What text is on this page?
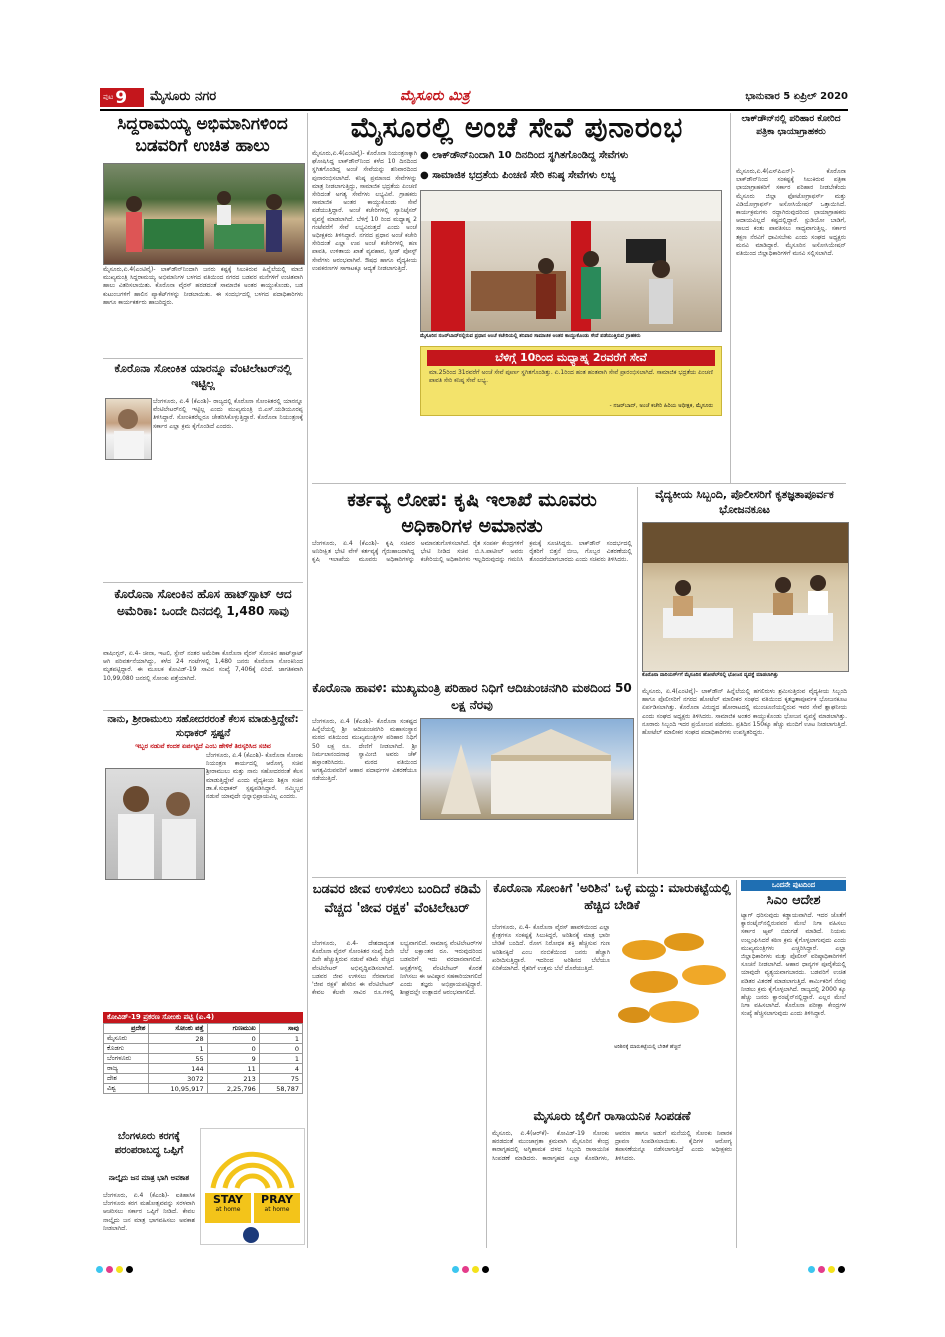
ಪುಟ 9 ಮೈಸೂರು ನಗರ	ಮೈಸೂರು ಮಿತ್ರ	ಭಾನುವಾರ 5 ಏಪ್ರಿಲ್ 2020
ಸಿದ್ದರಾಮಯ್ಯ ಅಭಿಮಾನಿಗಳಿಂದ ಬಡವರಿಗೆ ಉಚಿತ ಹಾಲು
ಮೈಸೂರು,ಏ.4(ಎಂಟಿವೈ)- ಲಾಕ್‌ಡೌನ್‌ನಿಂದಾಗಿ ಜನರು ಕಷ್ಟಕ್ಕೆ ಸಿಲುಕಿರುವ ಹಿನ್ನೆಲೆಯಲ್ಲಿ ಮಾಜಿ ಮುಖ್ಯಮಂತ್ರಿ ಸಿದ್ದರಾಮಯ್ಯ ಅಭಿಮಾನಿಗಳ ಬಳಗದ ವತಿಯಿಂದ ನಗರದ ಬಡವರ ಮನೆಗಳಿಗೆ ಉಚಿತವಾಗಿ ಹಾಲು ವಿತರಿಸಲಾಯಿತು. ಕೊರೊನಾ ವೈರಸ್ ಹರಡದಂತೆ ಸಾಮಾಜಿಕ ಅಂತರ ಕಾಯ್ದುಕೊಂಡು, ಬಡ ಕುಟುಂಬಗಳಿಗೆ ಹಾಲಿನ ಪ್ಯಾಕೆಟ್‌ಗಳನ್ನು ನೀಡಲಾಯಿತು. ಈ ಸಂದರ್ಭದಲ್ಲಿ ಬಳಗದ ಪದಾಧಿಕಾರಿಗಳು ಹಾಗೂ ಕಾರ್ಯಕರ್ತರು ಹಾಜರಿದ್ದರು.
ಕೊರೊನಾ ಸೋಂಕಿತ ಯಾರನ್ನೂ ವೆಂಟಿಲೇಟರ್‌ನಲ್ಲಿ ಇಟ್ಟಿಲ್ಲ
ಬೆಂಗಳೂರು, ಏ.4 (ಕೆಎಂಶಿ)- ರಾಜ್ಯದಲ್ಲಿ ಕೊರೊನಾ ಸೋಂಕಿತರಲ್ಲಿ ಯಾರನ್ನೂ ವೆಂಟಿಲೇಟರ್‌ನಲ್ಲಿ ಇಟ್ಟಿಲ್ಲ ಎಂದು ಮುಖ್ಯಮಂತ್ರಿ ಬಿ.ಎಸ್.ಯಡಿಯೂರಪ್ಪ ತಿಳಿಸಿದ್ದಾರೆ. ಸೋಂಕಿತರೆಲ್ಲರೂ ಚೇತರಿಸಿಕೊಳ್ಳುತ್ತಿದ್ದಾರೆ. ಕೊರೊನಾ ನಿಯಂತ್ರಣಕ್ಕೆ ಸರ್ಕಾರ ಎಲ್ಲಾ ಕ್ರಮ ಕೈಗೊಂಡಿದೆ ಎಂದರು.
ಕೊರೊನಾ ಸೋಂಕಿನ ಹೊಸ ಹಾಟ್‌ಸ್ಪಾಟ್ ಆದ ಅಮೆರಿಕಾ: ಒಂದೇ ದಿನದಲ್ಲಿ 1,480 ಸಾವು
ವಾಷಿಂಗ್ಟನ್, ಏ.4- ಚೀನಾ, ಇಟಲಿ, ಸ್ಪೇನ್ ನಂತರ ಅಮೆರಿಕಾ ಕೊರೊನಾ ವೈರಸ್ ಸೋಂಕಿನ ಹಾಟ್‌ಸ್ಪಾಟ್ ಆಗಿ ಪರಿವರ್ತನೆಯಾಗಿದ್ದು, ಕಳೆದ 24 ಗಂಟೆಗಳಲ್ಲಿ 1,480 ಜನರು ಕೊರೊನಾ ಸೋಂಕಿನಿಂದ ಮೃತಪಟ್ಟಿದ್ದಾರೆ. ಈ ಮೂಲಕ ಕೋವಿಡ್-19 ಸಾವಿನ ಸಂಖ್ಯೆ 7,406ಕ್ಕೆ ಏರಿದೆ. ಜಾಗತಿಕವಾಗಿ 10,99,080 ಜನರಲ್ಲಿ ಸೋಂಕು ಪತ್ತೆಯಾಗಿದೆ.
ನಾನು, ಶ್ರೀರಾಮುಲು ಸಹೋದರರಂತೆ ಕೆಲಸ ಮಾಡುತ್ತಿದ್ದೇವೆ: ಸುಧಾಕರ್ ಸ್ಪಷ್ಟನೆ
ಇಬ್ಬರ ನಡುವೆ ಕಂದಕ ಏರ್ಪಟ್ಟಿದೆ ಎಂಬ ಹೇಳಿಕೆ ತಿರಸ್ಕರಿಸಿದ ಸಚಿವ
ಬೆಂಗಳೂರು, ಏ.4 (ಕೆಎಂಶಿ)- ಕೊರೊನಾ ಸೋಂಕು ನಿಯಂತ್ರಣ ಕಾರ್ಯದಲ್ಲಿ ಆರೋಗ್ಯ ಸಚಿವ ಶ್ರೀರಾಮುಲು ಮತ್ತು ನಾನು ಸಹೋದರರಂತೆ ಕೆಲಸ ಮಾಡುತ್ತಿದ್ದೇವೆ ಎಂದು ವೈದ್ಯಕೀಯ ಶಿಕ್ಷಣ ಸಚಿವ ಡಾ.ಕೆ.ಸುಧಾಕರ್ ಸ್ಪಷ್ಟಪಡಿಸಿದ್ದಾರೆ. ನಮ್ಮಿಬ್ಬರ ನಡುವೆ ಯಾವುದೇ ಭಿನ್ನಾಭಿಪ್ರಾಯವಿಲ್ಲ ಎಂದರು.
ಕೋವಿಡ್-19 ಪ್ರಕರಣ ಸೋಂಕು ಪಟ್ಟಿ (ಏ.4)
ಪ್ರದೇಶ	ಸೋಂಕು ಪತ್ತೆ	ಗುಣಮುಖ	ಸಾವು
ಮೈಸೂರು	28	0	1
ಕೊಡಗು	1	0	0
ಬೆಂಗಳೂರು	55	9	1
ರಾಜ್ಯ	144	11	4
ದೇಶ	3072	213	75
ವಿಶ್ವ	10,95,917	2,25,796	58,787
ಬೆಂಗಳೂರು ಕರಗಕ್ಕೆ ಪರಂಪರಾಬದ್ಧ ಒಪ್ಪಿಗೆ
ನಾಲ್ಕೈದು ಜನ ಮಾತ್ರ ಭಾಗಿ ಅವಕಾಶ
ಬೆಂಗಳೂರು, ಏ.4 (ಕೆಎಂಶಿ)- ಐತಿಹಾಸಿಕ ಬೆಂಗಳೂರು ಕರಗ ಮಹೋತ್ಸವವನ್ನು ಸರಳವಾಗಿ ಆಚರಿಸಲು ಸರ್ಕಾರ ಒಪ್ಪಿಗೆ ನೀಡಿದೆ. ಕೇವಲ ನಾಲ್ಕೈದು ಜನ ಮಾತ್ರ ಭಾಗವಹಿಸಲು ಅವಕಾಶ ನೀಡಲಾಗಿದೆ.
STAY
at home
PRAY
at home
ಮೈಸೂರಲ್ಲಿ ಅಂಚೆ ಸೇವೆ ಪುನಾರಂಭ
ಮೈಸೂರು,ಏ.4(ಎಂಟಿವೈ)- ಕೊರೊನಾ ನಿಯಂತ್ರಣಕ್ಕಾಗಿ ಘೋಷಿಸಿದ್ದ ಲಾಕ್‌ಡೌನ್‌ನಿಂದ ಕಳೆದ 10 ದಿನದಿಂದ ಸ್ಥಗಿತಗೊಂಡಿದ್ದ ಅಂಚೆ ಸೇವೆಯನ್ನು ಶನಿವಾರದಿಂದ ಪುನಾರಂಭಿಸಲಾಗಿದೆ. ಕನಿಷ್ಠ ಪ್ರಮಾಣದ ಸೇವೆಗಳನ್ನು ಮಾತ್ರ ನೀಡಲಾಗುತ್ತಿದ್ದು, ಸಾಮಾಜಿಕ ಭದ್ರತೆಯ ಪಿಂಚಣಿ ಸೇರಿದಂತೆ ಅಗತ್ಯ ಸೇವೆಗಳು ಲಭ್ಯವಿವೆ. ಗ್ರಾಹಕರು ಸಾಮಾಜಿಕ ಅಂತರ ಕಾಯ್ದುಕೊಂಡು ಸೇವೆ ಪಡೆಯುತ್ತಿದ್ದಾರೆ. ಅಂಚೆ ಕಚೇರಿಗಳಲ್ಲಿ ಸ್ಯಾನಿಟೈಸರ್ ವ್ಯವಸ್ಥೆ ಮಾಡಲಾಗಿದೆ. ಬೆಳಿಗ್ಗೆ 10 ರಿಂದ ಮಧ್ಯಾಹ್ನ 2 ಗಂಟೆವರೆಗೆ ಸೇವೆ ಲಭ್ಯವಿರುತ್ತದೆ ಎಂದು ಅಂಚೆ ಅಧೀಕ್ಷಕರು ತಿಳಿಸಿದ್ದಾರೆ. ನಗರದ ಪ್ರಧಾನ ಅಂಚೆ ಕಚೇರಿ ಸೇರಿದಂತೆ ಎಲ್ಲಾ ಉಪ ಅಂಚೆ ಕಚೇರಿಗಳಲ್ಲಿ ಹಣ ಪಾವತಿ, ಉಳಿತಾಯ ಖಾತೆ ವ್ಯವಹಾರ, ಸ್ಪೀಡ್ ಪೋಸ್ಟ್ ಸೇವೆಗಳು ಆರಂಭವಾಗಿವೆ. ಔಷಧ ಹಾಗೂ ವೈದ್ಯಕೀಯ ಉಪಕರಣಗಳ ಸಾಗಾಟಕ್ಕೂ ಆದ್ಯತೆ ನೀಡಲಾಗುತ್ತಿದೆ.
● ಲಾಕ್‌ಡೌನ್‌ನಿಂದಾಗಿ 10 ದಿನದಿಂದ ಸ್ಥಗಿತಗೊಂಡಿದ್ದ ಸೇವೆಗಳು
● ಸಾಮಾಜಿಕ ಭದ್ರತೆಯ ಪಿಂಚಣಿ ಸೇರಿ ಕನಿಷ್ಠ ಸೇವೆಗಳು ಲಭ್ಯ
ಮೈಸೂರಿನ ನಜರ್‌ಬಾದ್‌ನಲ್ಲಿರುವ ಪ್ರಧಾನ ಅಂಚೆ ಕಚೇರಿಯಲ್ಲಿ ಶನಿವಾರ ಸಾಮಾಜಿಕ ಅಂತರ ಕಾಯ್ದುಕೊಂಡು ಸೇವೆ ಪಡೆಯುತ್ತಿರುವ ಗ್ರಾಹಕರು
ಬೆಳಿಗ್ಗೆ 10ರಿಂದ ಮಧ್ಯಾಹ್ನ 2ರವರೆಗೆ ಸೇವೆ
ಮಾ.25ರಿಂದ 31ರವರೆಗೆ ಅಂಚೆ ಸೇವೆ ಪೂರ್ಣ ಸ್ಥಗಿತಗೊಂಡಿತ್ತು. ಏ.1ರಿಂದ ಹಂತ ಹಂತವಾಗಿ ಸೇವೆ ಪ್ರಾರಂಭಿಸಲಾಗಿದೆ. ಸಾಮಾಜಿಕ ಭದ್ರತೆಯ ಪಿಂಚಣಿ ಪಾವತಿ ಸೇರಿ ಕನಿಷ್ಠ ಸೇವೆ ಲಭ್ಯ.
- ನಜರ್‌ಬಾದ್, ಅಂಚೆ ಕಚೇರಿ ಹಿರಿಯ ಅಧೀಕ್ಷಕ, ಮೈಸೂರು
ಲಾಕ್‌ಡೌನ್‌ನಲ್ಲಿ ಪರಿಹಾರ ಕೋರಿದ ಪತ್ರಿಕಾ ಛಾಯಾಗ್ರಾಹಕರು
ಮೈಸೂರು,ಏ.4(ಎಸ್‌ಪಿಎನ್)- ಕೊರೊನಾ ಲಾಕ್‌ಡೌನ್‌ನಿಂದ ಸಂಕಷ್ಟಕ್ಕೆ ಸಿಲುಕಿರುವ ಪತ್ರಿಕಾ ಛಾಯಾಗ್ರಾಹಕರಿಗೆ ಸರ್ಕಾರ ಪರಿಹಾರ ನೀಡಬೇಕೆಂದು ಮೈಸೂರು ಜಿಲ್ಲಾ ಫೋಟೋಗ್ರಾಫರ್ಸ್ ಮತ್ತು ವಿಡಿಯೋಗ್ರಾಫರ್ಸ್ ಅಸೋಸಿಯೇಷನ್ ಒತ್ತಾಯಿಸಿದೆ. ಕಾರ್ಯಕ್ರಮಗಳು ರದ್ದಾಗಿರುವುದರಿಂದ ಛಾಯಾಗ್ರಾಹಕರು ಆದಾಯವಿಲ್ಲದೆ ಕಷ್ಟದಲ್ಲಿದ್ದಾರೆ. ಸ್ಟುಡಿಯೋ ಬಾಡಿಗೆ, ಸಾಲದ ಕಂತು ಪಾವತಿಸಲು ಸಾಧ್ಯವಾಗುತ್ತಿಲ್ಲ. ಸರ್ಕಾರ ತಕ್ಷಣ ನೆರವಿಗೆ ಧಾವಿಸಬೇಕು ಎಂದು ಸಂಘದ ಅಧ್ಯಕ್ಷರು ಮನವಿ ಮಾಡಿದ್ದಾರೆ. ಮೈಸೂರಿನ ಅಸೋಸಿಯೇಷನ್ ವತಿಯಿಂದ ಜಿಲ್ಲಾಧಿಕಾರಿಗಳಿಗೆ ಮನವಿ ಸಲ್ಲಿಸಲಾಗಿದೆ.
ಕರ್ತವ್ಯ ಲೋಪ: ಕೃಷಿ ಇಲಾಖೆ ಮೂವರು ಅಧಿಕಾರಿಗಳ ಅಮಾನತು
ಬೆಂಗಳೂರು, ಏ.4 (ಕೆಎಂಶಿ)- ಕೃಷಿ ಸಚಿವರ ಅನಿರೀಕ್ಷಿತ ಭೇಟಿ ವೇಳೆ ಕರ್ತವ್ಯಕ್ಕೆ ಗೈರುಹಾಜರಾಗಿದ್ದ ಕೃಷಿ ಇಲಾಖೆಯ ಮೂವರು ಅಧಿಕಾರಿಗಳನ್ನು ಅಮಾನತುಗೊಳಿಸಲಾಗಿದೆ. ರೈತ ಸಂಪರ್ಕ ಕೇಂದ್ರಗಳಿಗೆ ಭೇಟಿ ನೀಡಿದ ಸಚಿವ ಬಿ.ಸಿ.ಪಾಟೀಲ್ ಅವರು ಕಚೇರಿಯಲ್ಲಿ ಅಧಿಕಾರಿಗಳು ಇಲ್ಲದಿರುವುದನ್ನು ಗಮನಿಸಿ ಕ್ರಮಕ್ಕೆ ಸೂಚಿಸಿದ್ದರು. ಲಾಕ್‌ಡೌನ್ ಸಂದರ್ಭದಲ್ಲಿ ರೈತರಿಗೆ ಬಿತ್ತನೆ ಬೀಜ, ಗೊಬ್ಬರ ವಿತರಣೆಯಲ್ಲಿ ತೊಂದರೆಯಾಗಬಾರದು ಎಂದು ಸಚಿವರು ತಿಳಿಸಿದರು.
ಕೊರೊನಾ ಹಾವಳಿ: ಮುಖ್ಯಮಂತ್ರಿ ಪರಿಹಾರ ನಿಧಿಗೆ ಆದಿಚುಂಚನಗಿರಿ ಮಠದಿಂದ 50 ಲಕ್ಷ ನೆರವು
ಬೆಂಗಳೂರು, ಏ.4 (ಕೆಎಂಶಿ)- ಕೊರೊನಾ ಸಂಕಷ್ಟದ ಹಿನ್ನೆಲೆಯಲ್ಲಿ ಶ್ರೀ ಆದಿಚುಂಚನಗಿರಿ ಮಹಾಸಂಸ್ಥಾನ ಮಠದ ವತಿಯಿಂದ ಮುಖ್ಯಮಂತ್ರಿಗಳ ಪರಿಹಾರ ನಿಧಿಗೆ 50 ಲಕ್ಷ ರೂ. ದೇಣಿಗೆ ನೀಡಲಾಗಿದೆ. ಶ್ರೀ ನಿರ್ಮಲಾನಂದನಾಥ ಸ್ವಾಮೀಜಿ ಅವರು ಚೆಕ್ ಹಸ್ತಾಂತರಿಸಿದರು. ಮಠದ ವತಿಯಿಂದ ಅಗತ್ಯವಿರುವವರಿಗೆ ಆಹಾರ ಪದಾರ್ಥಗಳ ವಿತರಣೆಯೂ ನಡೆಯುತ್ತಿದೆ.
ವೈದ್ಯಕೀಯ ಸಿಬ್ಬಂದಿ, ಪೊಲೀಸರಿಗೆ ಕೃತಜ್ಞತಾಪೂರ್ವಕ ಭೋಜನಕೂಟ
ಕೊರೊನಾ ವಾರಿಯರ್ಸ್‌ಗೆ ಮೈಸೂರಿನ ಹೋಟೆಲ್‌ನಲ್ಲಿ ಭೋಜನ ವ್ಯವಸ್ಥೆ ಮಾಡಲಾಗಿತ್ತು
ಮೈಸೂರು, ಏ.4(ಎಂಟಿವೈ)- ಲಾಕ್‌ಡೌನ್ ಹಿನ್ನೆಲೆಯಲ್ಲಿ ಹಗಲಿರುಳು ಶ್ರಮಿಸುತ್ತಿರುವ ವೈದ್ಯಕೀಯ ಸಿಬ್ಬಂದಿ ಹಾಗೂ ಪೊಲೀಸರಿಗೆ ನಗರದ ಹೋಟೆಲ್ ಮಾಲೀಕರ ಸಂಘದ ವತಿಯಿಂದ ಕೃತಜ್ಞತಾಪೂರ್ವಕ ಭೋಜನಕೂಟ ಏರ್ಪಡಿಸಲಾಗಿತ್ತು. ಕೊರೊನಾ ವಿರುದ್ಧದ ಹೋರಾಟದಲ್ಲಿ ಮುಂಚೂಣಿಯಲ್ಲಿರುವ ಇವರ ಸೇವೆ ಶ್ಲಾಘನೀಯ ಎಂದು ಸಂಘದ ಅಧ್ಯಕ್ಷರು ತಿಳಿಸಿದರು. ಸಾಮಾಜಿಕ ಅಂತರ ಕಾಯ್ದುಕೊಂಡು ಭೋಜನ ವ್ಯವಸ್ಥೆ ಮಾಡಲಾಗಿತ್ತು. ನೂರಾರು ಸಿಬ್ಬಂದಿ ಇದರ ಪ್ರಯೋಜನ ಪಡೆದರು. ಪ್ರತಿದಿನ 150ಕ್ಕೂ ಹೆಚ್ಚು ಮಂದಿಗೆ ಊಟ ನೀಡಲಾಗುತ್ತಿದೆ. ಹೋಟೆಲ್ ಮಾಲೀಕರ ಸಂಘದ ಪದಾಧಿಕಾರಿಗಳು ಉಪಸ್ಥಿತರಿದ್ದರು.
ಬಡವರ ಜೀವ ಉಳಿಸಲು ಬಂದಿದೆ ಕಡಿಮೆ ವೆಚ್ಚದ 'ಜೀವ ರಕ್ಷಕ' ವೆಂಟಿಲೇಟರ್
ಬೆಂಗಳೂರು, ಏ.4- ದೇಶದಾದ್ಯಂತ ಕೊರೊನಾ ವೈರಸ್ ಸೋಂಕಿತರ ಸಂಖ್ಯೆ ದಿನೇ ದಿನೇ ಹೆಚ್ಚುತ್ತಿರುವ ನಡುವೆ ಕಡಿಮೆ ವೆಚ್ಚದ ವೆಂಟಿಲೇಟರ್ ಅಭಿವೃದ್ಧಿಪಡಿಸಲಾಗಿದೆ. ಬಡವರ ಜೀವ ಉಳಿಸಲು ನೆರವಾಗುವ 'ಜೀವ ರಕ್ಷಕ' ಹೆಸರಿನ ಈ ವೆಂಟಿಲೇಟರ್ ಕೇವಲ ಕೆಲವೇ ಸಾವಿರ ರೂ.ಗಳಲ್ಲಿ ಲಭ್ಯವಾಗಲಿದೆ. ಸಾಮಾನ್ಯ ವೆಂಟಿಲೇಟರ್‌ಗಳ ಬೆಲೆ ಲಕ್ಷಾಂತರ ರೂ. ಇರುವುದರಿಂದ ಬಡವರಿಗೆ ಇದು ವರದಾನವಾಗಲಿದೆ. ಆಸ್ಪತ್ರೆಗಳಲ್ಲಿ ವೆಂಟಿಲೇಟರ್ ಕೊರತೆ ನೀಗಿಸಲು ಈ ಆವಿಷ್ಕಾರ ಸಹಕಾರಿಯಾಗಲಿದೆ ಎಂದು ತಜ್ಞರು ಅಭಿಪ್ರಾಯಪಟ್ಟಿದ್ದಾರೆ. ಶೀಘ್ರದಲ್ಲೇ ಉತ್ಪಾದನೆ ಆರಂಭವಾಗಲಿದೆ.
ಕೊರೊನಾ ಸೋಂಕಿಗೆ 'ಅರಿಶಿನ' ಒಳ್ಳೆ ಮದ್ದು: ಮಾರುಕಟ್ಟೆಯಲ್ಲಿ ಹೆಚ್ಚಿದ ಬೇಡಿಕೆ
ಬೆಂಗಳೂರು, ಏ.4- ಕೊರೊನಾ ವೈರಸ್ ಹಾವಳಿಯಿಂದ ಎಲ್ಲಾ ಕ್ಷೇತ್ರಗಳೂ ಸಂಕಷ್ಟಕ್ಕೆ ಸಿಲುಕಿದ್ದರೆ, ಅರಿಶಿನಕ್ಕೆ ಮಾತ್ರ ಭಾರೀ ಬೇಡಿಕೆ ಬಂದಿದೆ. ರೋಗ ನಿರೋಧಕ ಶಕ್ತಿ ಹೆಚ್ಚಿಸುವ ಗುಣ ಅರಿಶಿನಕ್ಕಿದೆ ಎಂಬ ನಂಬಿಕೆಯಿಂದ ಜನರು ಹೆಚ್ಚಾಗಿ ಖರೀದಿಸುತ್ತಿದ್ದಾರೆ. ಇದರಿಂದ ಅರಿಶಿನದ ಬೆಲೆಯೂ ಏರಿಕೆಯಾಗಿದೆ. ರೈತರಿಗೆ ಉತ್ತಮ ಬೆಲೆ ದೊರೆಯುತ್ತಿದೆ.
ಅರಿಶಿನಕ್ಕೆ ಮಾರುಕಟ್ಟೆಯಲ್ಲಿ ಬೇಡಿಕೆ ಹೆಚ್ಚಿದೆ
ಮೈಸೂರು ಜೈಲಿಗೆ ರಾಸಾಯನಿಕ ಸಿಂಪಡಣೆ
ಮೈಸೂರು, ಏ.4(ಆರ್‌ಕೆ)- ಕೋವಿಡ್-19 ಸೋಂಕು ಹರಡದಂತೆ ಮುಂಜಾಗ್ರತಾ ಕ್ರಮವಾಗಿ ಮೈಸೂರಿನ ಕೇಂದ್ರ ಕಾರಾಗೃಹದಲ್ಲಿ ಅಗ್ನಿಶಾಮಕ ದಳದ ಸಿಬ್ಬಂದಿ ರಾಸಾಯನಿಕ ಸಿಂಪಡಣೆ ಮಾಡಿದರು. ಕಾರಾಗೃಹದ ಎಲ್ಲಾ ಕೊಠಡಿಗಳು, ಆವರಣ ಹಾಗೂ ಅಡುಗೆ ಮನೆಯಲ್ಲಿ ಸೋಂಕು ನಿವಾರಕ ದ್ರಾವಣ ಸಿಂಪಡಿಸಲಾಯಿತು. ಕೈದಿಗಳ ಆರೋಗ್ಯ ತಪಾಸಣೆಯನ್ನೂ ನಡೆಸಲಾಗುತ್ತಿದೆ ಎಂದು ಅಧೀಕ್ಷಕರು ತಿಳಿಸಿದರು.
ಒಂದನೇ ಪುಟದಿಂದ
ಸಿಎಂ ಆದೇಶ
ಟ್ಯಾಗ್ ಧರಿಸುವುದು ಕಡ್ಡಾಯವಾಗಿದೆ. ಇದರ ಜೊತೆಗೆ ಕ್ವಾರಂಟೈನ್‌ನಲ್ಲಿರುವವರ ಮೇಲೆ ನಿಗಾ ವಹಿಸಲು ಸರ್ಕಾರ ಆ್ಯಪ್ ಬಿಡುಗಡೆ ಮಾಡಿದೆ. ನಿಯಮ ಉಲ್ಲಂಘಿಸಿದರೆ ಕಠಿಣ ಕ್ರಮ ಕೈಗೊಳ್ಳಲಾಗುವುದು ಎಂದು ಮುಖ್ಯಮಂತ್ರಿಗಳು ಎಚ್ಚರಿಸಿದ್ದಾರೆ. ಎಲ್ಲಾ ಜಿಲ್ಲಾಧಿಕಾರಿಗಳು ಮತ್ತು ಪೊಲೀಸ್ ವರಿಷ್ಠಾಧಿಕಾರಿಗಳಿಗೆ ಸೂಚನೆ ನೀಡಲಾಗಿದೆ. ಆಹಾರ ಧಾನ್ಯಗಳ ಪೂರೈಕೆಯಲ್ಲಿ ಯಾವುದೇ ವ್ಯತ್ಯಯವಾಗಬಾರದು. ಬಡವರಿಗೆ ಉಚಿತ ಪಡಿತರ ವಿತರಣೆ ಮಾಡಲಾಗುತ್ತಿದೆ. ಕಾರ್ಮಿಕರಿಗೆ ನೆರವು ನೀಡಲು ಕ್ರಮ ಕೈಗೊಳ್ಳಲಾಗಿದೆ. ರಾಜ್ಯದಲ್ಲಿ 2000 ಕ್ಕೂ ಹೆಚ್ಚು ಜನರು ಕ್ವಾರಂಟೈನ್‌ನಲ್ಲಿದ್ದಾರೆ. ಎಲ್ಲರ ಮೇಲೆ ನಿಗಾ ವಹಿಸಲಾಗಿದೆ. ಕೊರೊನಾ ಪರೀಕ್ಷಾ ಕೇಂದ್ರಗಳ ಸಂಖ್ಯೆ ಹೆಚ್ಚಿಸಲಾಗುವುದು ಎಂದು ತಿಳಿಸಿದ್ದಾರೆ.
